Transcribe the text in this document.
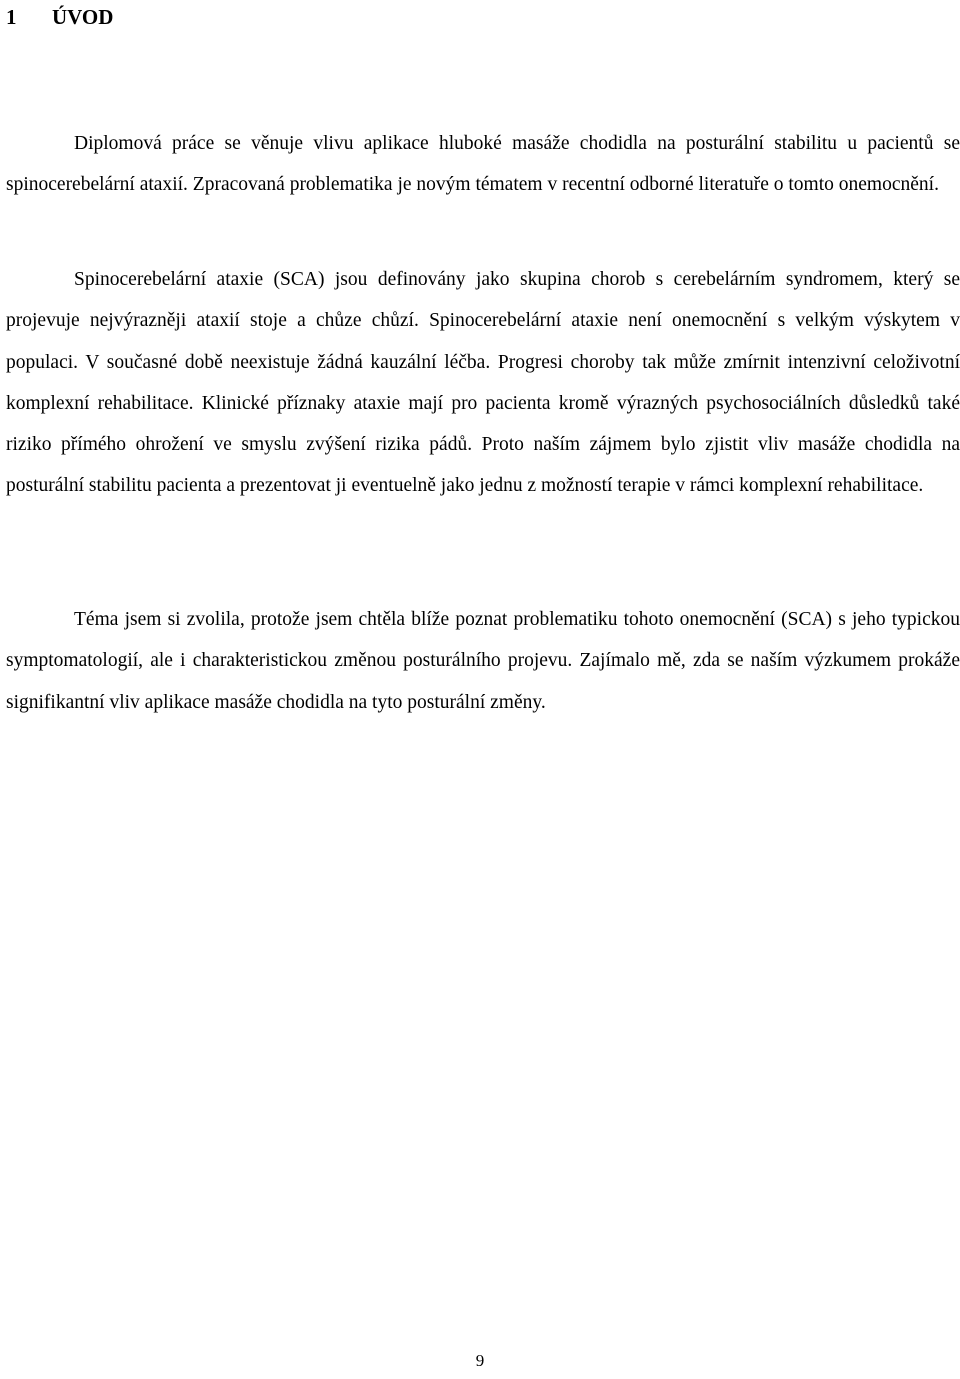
1 ÚVOD

Diplomová práce se věnuje vlivu aplikace hluboké masáže chodidla na posturální stabilitu u pacientů se spinocerebelární ataxií. Zpracovaná problematika je novým tématem v recentní odborné literatuře o tomto onemocnění.

Spinocerebelární ataxie (SCA) jsou definovány jako skupina chorob s cerebelárním syndromem, který se projevuje nejvýrazněji ataxií stoje a chůze chůzí. Spinocerebelární ataxie není onemocnění s velkým výskytem v populaci. V současné době neexistuje žádná kauzální léčba. Progresi choroby tak může zmírnit intenzivní celoživotní komplexní rehabilitace. Klinické příznaky ataxie mají pro pacienta kromě výrazných psychosociálních důsledků také riziko přímého ohrožení ve smyslu zvýšení rizika pádů. Proto naším zájmem bylo zjistit vliv masáže chodidla na posturální stabilitu pacienta a prezentovat ji eventuelně jako jednu z možností terapie v rámci komplexní rehabilitace.

Téma jsem si zvolila, protože jsem chtěla blíže poznat problematiku tohoto onemocnění (SCA) s jeho typickou symptomatologií, ale i charakteristickou změnou posturálního projevu. Zajímalo mě, zda se naším výzkumem prokáže signifikantní vliv aplikace masáže chodidla na tyto posturální změny.

9
